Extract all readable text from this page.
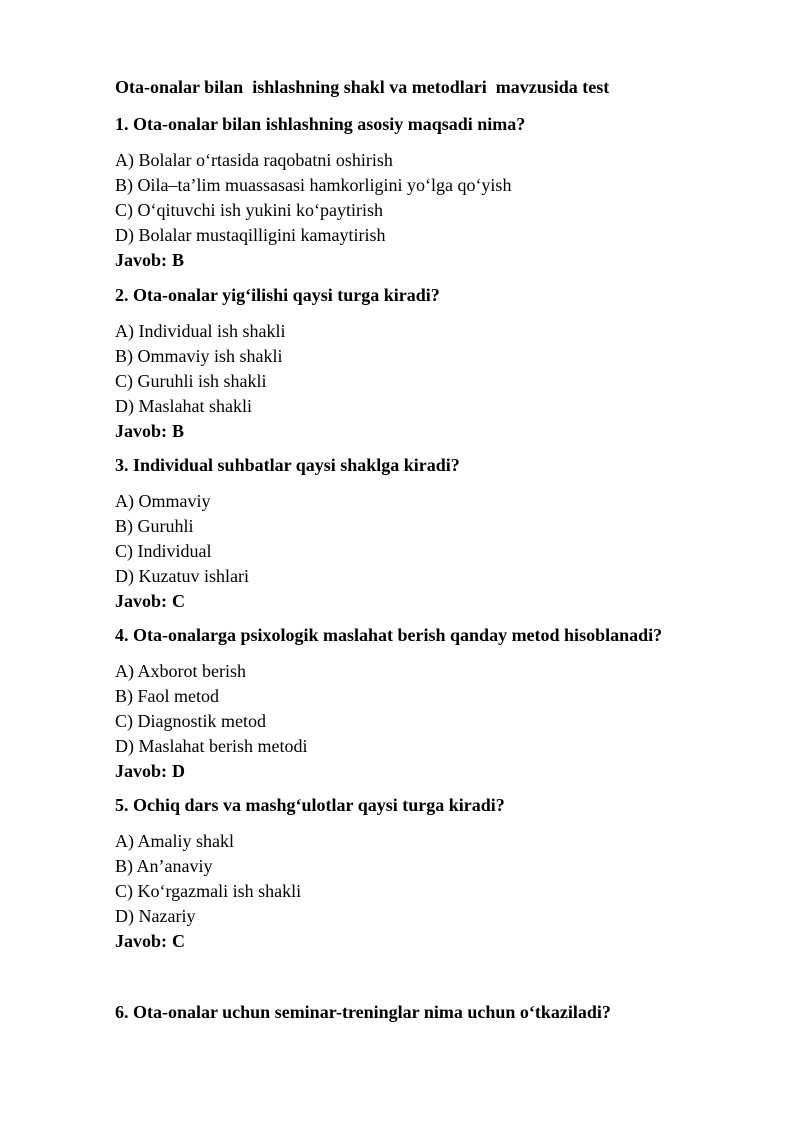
Ota-onalar bilan  ishlashning shakl va metodlari  mavzusida test
1. Ota-onalar bilan ishlashning asosiy maqsadi nima?
A) Bolalar o‘rtasida raqobatni oshirish
B) Oila–ta’lim muassasasi hamkorligini yo‘lga qo‘yish
C) O‘qituvchi ish yukini ko‘paytirish
D) Bolalar mustaqilligini kamaytirish
Javob: B
2. Ota-onalar yig‘ilishi qaysi turga kiradi?
A) Individual ish shakli
B) Ommaviy ish shakli
C) Guruhli ish shakli
D) Maslahat shakli
Javob: B
3. Individual suhbatlar qaysi shaklga kiradi?
A) Ommaviy
B) Guruhli
C) Individual
D) Kuzatuv ishlari
Javob: C
4. Ota-onalarga psixologik maslahat berish qanday metod hisoblanadi?
A) Axborot berish
B) Faol metod
C) Diagnostik metod
D) Maslahat berish metodi
Javob: D
5. Ochiq dars va mashg‘ulotlar qaysi turga kiradi?
A) Amaliy shakl
B) An’anaviy
C) Ko‘rgazmali ish shakli
D) Nazariy
Javob: C
6. Ota-onalar uchun seminar-treninglar nima uchun o‘tkaziladi?
